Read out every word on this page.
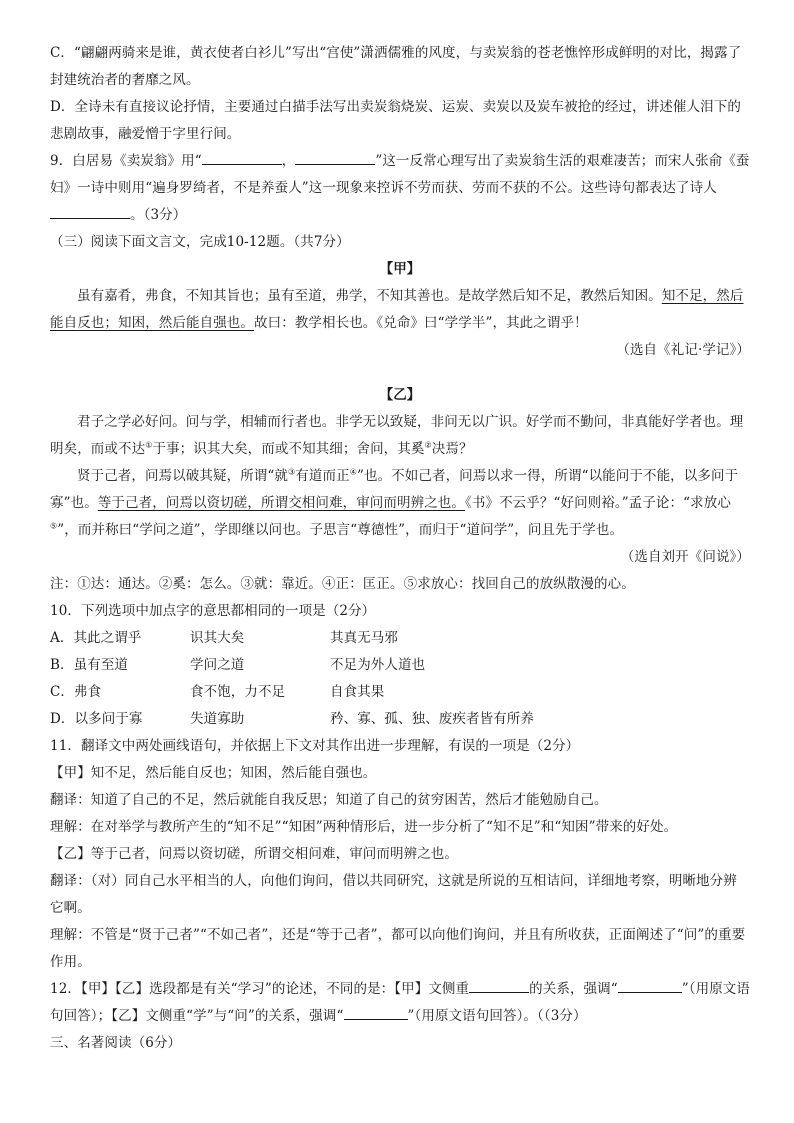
C．“翩翩两骑来是谁，黄衣使者白衫儿”写出“宫使”潇洒儒雅的风度，与卖炭翁的苍老憔悴形成鲜明的对比，揭露了封建统治者的奢靡之风。

D．全诗未有直接议论抒情，主要通过白描手法写出卖炭翁烧炭、运炭、卖炭以及炭车被抢的经过，讲述催人泪下的悲剧故事，融爱憎于字里行间。

9．白居易《卖炭翁》用“	，	”这一反常心理写出了卖炭翁生活的艰难凄苦；而宋人张俞《蚕妇》一诗中则用“遍身罗绮者，不是养蚕人”这一现象来控诉不劳而获、劳而不获的不公。这些诗句都表达了诗人。（3分）

（三）阅读下面文言文，完成10-12题。（共7分）

【甲】

虽有嘉肴，弗食，不知其旨也；虽有至道，弗学，不知其善也。是故学然后知不足，教然后知困。知不足，然后能自反也；知困，然后能自强也。故曰：教学相长也。《兑命》曰“学学半”，其此之谓乎！

（选自《礼记·学记》）

【乙】

君子之学必好问。问与学，相辅而行者也。非学无以致疑，非问无以广识。好学而不勤问，非真能好学者也。理明矣，而或不达①于事；识其大矣，而或不知其细；舍问，其奚②决焉？

贤于己者，问焉以破其疑，所谓“就③有道而正④”也。不如己者，问焉以求一得，所谓“以能问于不能，以多问于寡”也。等于己者，问焉以资切磋，所谓交相问难，审问而明辨之也。《书》不云乎？“好问则裕。”孟子论：“求放心⑤”，而并称曰“学问之道”，学即继以问也。子思言“尊德性”，而归于“道问学”，问且先于学也。

（选自刘开《问说》）

注：①达：通达。②奚：怎么。③就：靠近。④正：匡正。⑤求放心：找回自己的放纵散漫的心。

10．下列选项中加点字的意思都相同的一项是（2分）

A．其此之谓乎	识其大矣	其真无马邪

B．虽有至道	学问之道	不足为外人道也

C．弗食	食不饱，力不足	自食其果

D．以多问于寡	失道寡助	矜、寡、孤、独、废疾者皆有所养

11．翻译文中两处画线语句，并依据上下文对其作出进一步理解，有误的一项是（2分）

【甲】知不足，然后能自反也；知困，然后能自强也。

翻译：知道了自己的不足，然后就能自我反思；知道了自己的贫穷困苦，然后才能勉励自己。

理解：在对举学与教所产生的“知不足”“知困”两种情形后，进一步分析了“知不足”和“知困”带来的好处。

【乙】等于己者，问焉以资切磋，所谓交相问难，审问而明辨之也。

翻译：（对）同自己水平相当的人，向他们询问，借以共同研究，这就是所说的互相诘问，详细地考察，明晰地分辨它啊。

理解：不管是“贤于己者”“不如己者”，还是“等于己者”，都可以向他们询问，并且有所收获，正面阐述了“问”的重要作用。

12．【甲】【乙】选段都是有关“学习”的论述，不同的是：【甲】文侧重	的关系，强调“	”（用原文语句回答）；【乙】文侧重“学”与“问”的关系，强调“	”（用原文语句回答）。（（3分）

三、名著阅读（6分）
